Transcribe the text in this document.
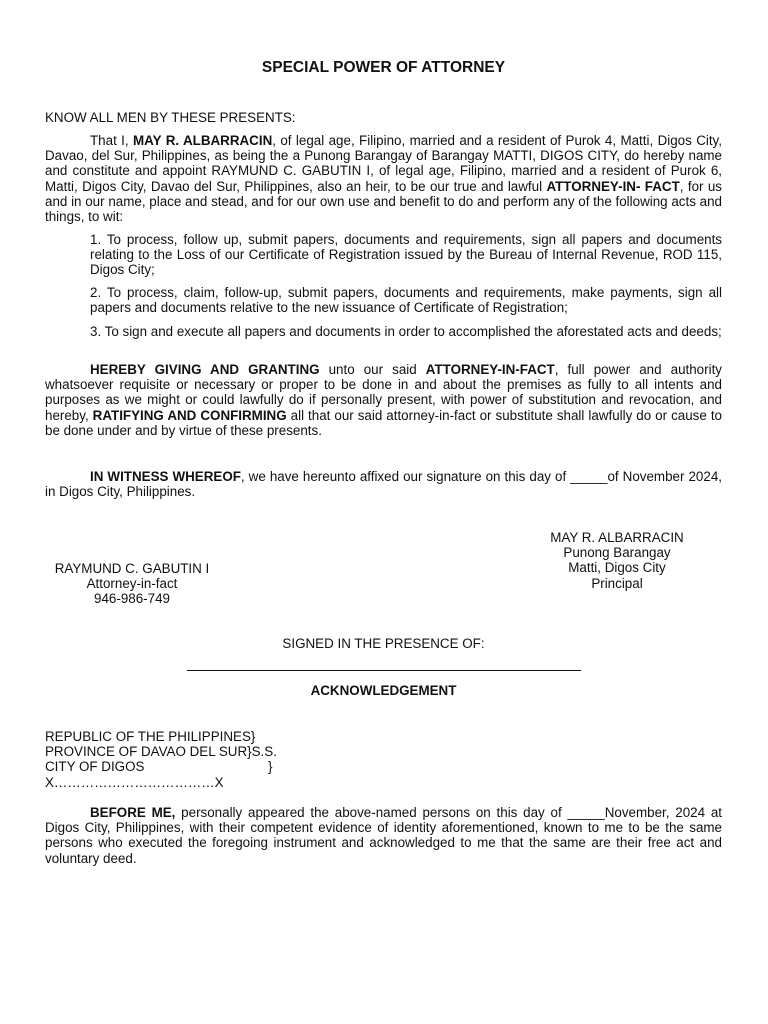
SPECIAL POWER OF ATTORNEY
KNOW ALL MEN BY THESE PRESENTS:
That I, MAY R. ALBARRACIN, of legal age, Filipino, married and a resident of Purok 4, Matti, Digos City, Davao, del Sur, Philippines, as being the a Punong Barangay of Barangay MATTI, DIGOS CITY, do hereby name and constitute and appoint RAYMUND C. GABUTIN I, of legal age, Filipino, married and a resident of Purok 6, Matti, Digos City, Davao del Sur, Philippines, also an heir, to be our true and lawful ATTORNEY-IN- FACT, for us and in our name, place and stead, and for our own use and benefit to do and perform any of the following acts and things, to wit:
1. To process, follow up, submit papers, documents and requirements, sign all papers and documents relating to the Loss of our Certificate of Registration issued by the Bureau of Internal Revenue, ROD 115, Digos City;
2. To process, claim, follow-up, submit papers, documents and requirements, make payments, sign all papers and documents relative to the new issuance of Certificate of Registration;
3. To sign and execute all papers and documents in order to accomplished the aforestated acts and deeds;
HEREBY GIVING AND GRANTING unto our said ATTORNEY-IN-FACT, full power and authority whatsoever requisite or necessary or proper to be done in and about the premises as fully to all intents and purposes as we might or could lawfully do if personally present, with power of substitution and revocation, and hereby, RATIFYING AND CONFIRMING all that our said attorney-in-fact or substitute shall lawfully do or cause to be done under and by virtue of these presents.
IN WITNESS WHEREOF, we have hereunto affixed our signature on this day of _____of November 2024, in Digos City, Philippines.
MAY R. ALBARRACIN
Punong Barangay
Matti, Digos City
Principal
RAYMUND C. GABUTIN I
Attorney-in-fact
946-986-749
SIGNED IN THE PRESENCE OF:
ACKNOWLEDGEMENT
REPUBLIC OF THE PHILIPPINES}
PROVINCE OF DAVAO DEL SUR}S.S.
CITY OF DIGOS	}
X………………………………X
BEFORE ME, personally appeared the above-named persons on this day of _____November, 2024 at Digos City, Philippines, with their competent evidence of identity aforementioned, known to me to be the same persons who executed the foregoing instrument and acknowledged to me that the same are their free act and voluntary deed.
